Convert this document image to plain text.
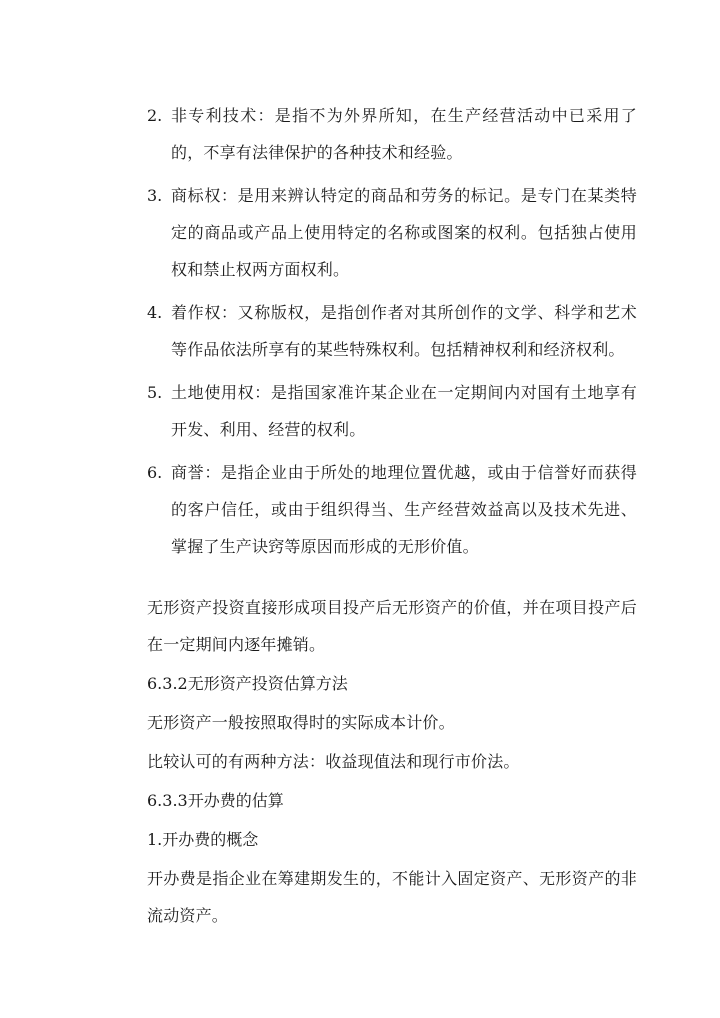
2. 非专利技术：是指不为外界所知，在生产经营活动中已采用了的，不享有法律保护的各种技术和经验。
3. 商标权：是用来辨认特定的商品和劳务的标记。是专门在某类特定的商品或产品上使用特定的名称或图案的权利。包括独占使用权和禁止权两方面权利。
4. 着作权：又称版权，是指创作者对其所创作的文学、科学和艺术等作品依法所享有的某些特殊权利。包括精神权利和经济权利。
5. 土地使用权：是指国家准许某企业在一定期间内对国有土地享有开发、利用、经营的权利。
6. 商誉：是指企业由于所处的地理位置优越，或由于信誉好而获得的客户信任，或由于组织得当、生产经营效益高以及技术先进、掌握了生产诀窍等原因而形成的无形价值。

无形资产投资直接形成项目投产后无形资产的价值，并在项目投产后在一定期间内逐年摊销。

6.3.2无形资产投资估算方法

无形资产一般按照取得时的实际成本计价。

比较认可的有两种方法：收益现值法和现行市价法。

6.3.3开办费的估算

1.开办费的概念

开办费是指企业在筹建期发生的，不能计入固定资产、无形资产的非流动资产。
